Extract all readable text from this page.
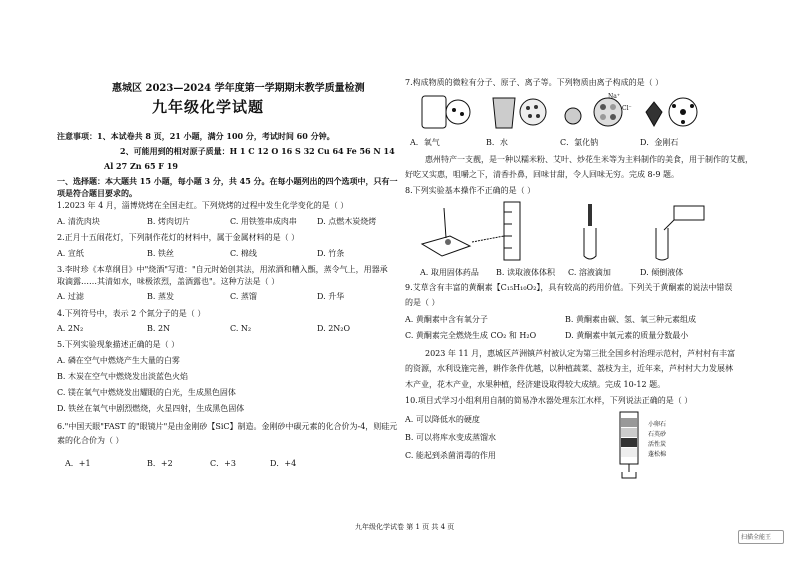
惠城区 2023—2024 学年度第一学期期末教学质量检测
九年级化学试题
注意事项：1、本试卷共 8 页，21 小题，满分 100 分，考试时间 60 分钟。
2、可能用到的相对原子质量：H 1 C 12 O 16 S 32 Cu 64 Fe 56 N 14
Al 27 Zn 65 F 19
一、选择题：本大题共 15 小题，每小题 3 分，共 45 分。在每小题列出的四个选项中，只有一
项是符合题目要求的。
1.2023 年 4 月，淄博烧烤在全国走红。下列烧烤的过程中发生化学变化的是（ ）
A. 清洗肉块	B. 烤肉切片	C. 用铁签串成肉串	D. 点燃木炭烧烤
2.正月十五闹花灯，下列制作花灯的材料中，属于金属材料的是（ ）
A. 宣纸	B. 铁丝	C. 棉线	D. 竹条
3.李时珍《本草纲目》中"烧酒"写道："自元时始创其法，用浓酒和糟入甑，蒸令气上，用器承
取滴露……其清如水，味极浓烈，盖酒露也"。这种方法是（ ）
A. 过滤	B. 蒸发	C. 蒸馏	D. 升华
4.下列符号中，表示 2 个氮分子的是（ ）
A. 2N₂	B. 2N	C. N₂	D. 2N₂O
5.下列实验现象描述正确的是（ ）
A. 磷在空气中燃烧产生大量的白雾
B. 木炭在空气中燃烧发出淡蓝色火焰
C. 镁在氧气中燃烧发出耀眼的白光，生成黑色固体
D. 铁丝在氧气中剧烈燃烧，火星四射，生成黑色固体
6."中国天眼"FAST 的"眼镜片"是由金刚砂【SiC】制造。金刚砂中碳元素的化合价为-4，则硅元
素的化合价为（ ）
A．+1	B．+2	C．+3	D．+4
7.构成物质的微粒有分子、原子、离子等。下列物质由离子构成的是（ ）
Na⁺
Cl⁻
A．氧气	B．水	C．氯化钠	D．金刚石
惠州特产一支靓，是一种以糯米粉、艾叶、炒花生米等为主料制作的美食，用于制作的艾靓，
好吃又实惠，咀嚼之下，清香扑鼻，回味甘甜，令人回味无穷。完成 8-9 题。
8.下列实验基本操作不正确的是（ ）
A. 取用固体药品 B. 读取液体体积 C. 溶液滴加	D. 倾倒液体
9.艾草含有丰富的黄酮素【C₁₅H₁₀O₂】，具有较高的药用价值。下列关于黄酮素的说法中错误
的是（ ）
A. 黄酮素中含有氧分子	B. 黄酮素由碳、氢、氧三种元素组成
C. 黄酮素完全燃烧生成 CO₂ 和 H₂O	D. 黄酮素中氧元素的质量分数最小
2023 年 11 月，惠城区芦洲镇芦村被认定为第三批全国乡村治理示范村，芦村村有丰富
的资源，水利设施完善，耕作条件优越，以种植蔬菜、荔枝为主，近年来，芦村村大力发展林
木产业，花木产业，水果种植，经济建设取得较大成绩。完成 10-12 题。
10.项目式学习小组利用自制的简易净水器处理东江水样，下列说法正确的是（ ）
A. 可以降低水的硬度
B. 可以将库水变成蒸馏水
C. 能起到杀菌消毒的作用
小卵石
石英砂
活性炭
蓬松棉
九年级化学试卷 第 1 页 共 4 页
扫描全能王
